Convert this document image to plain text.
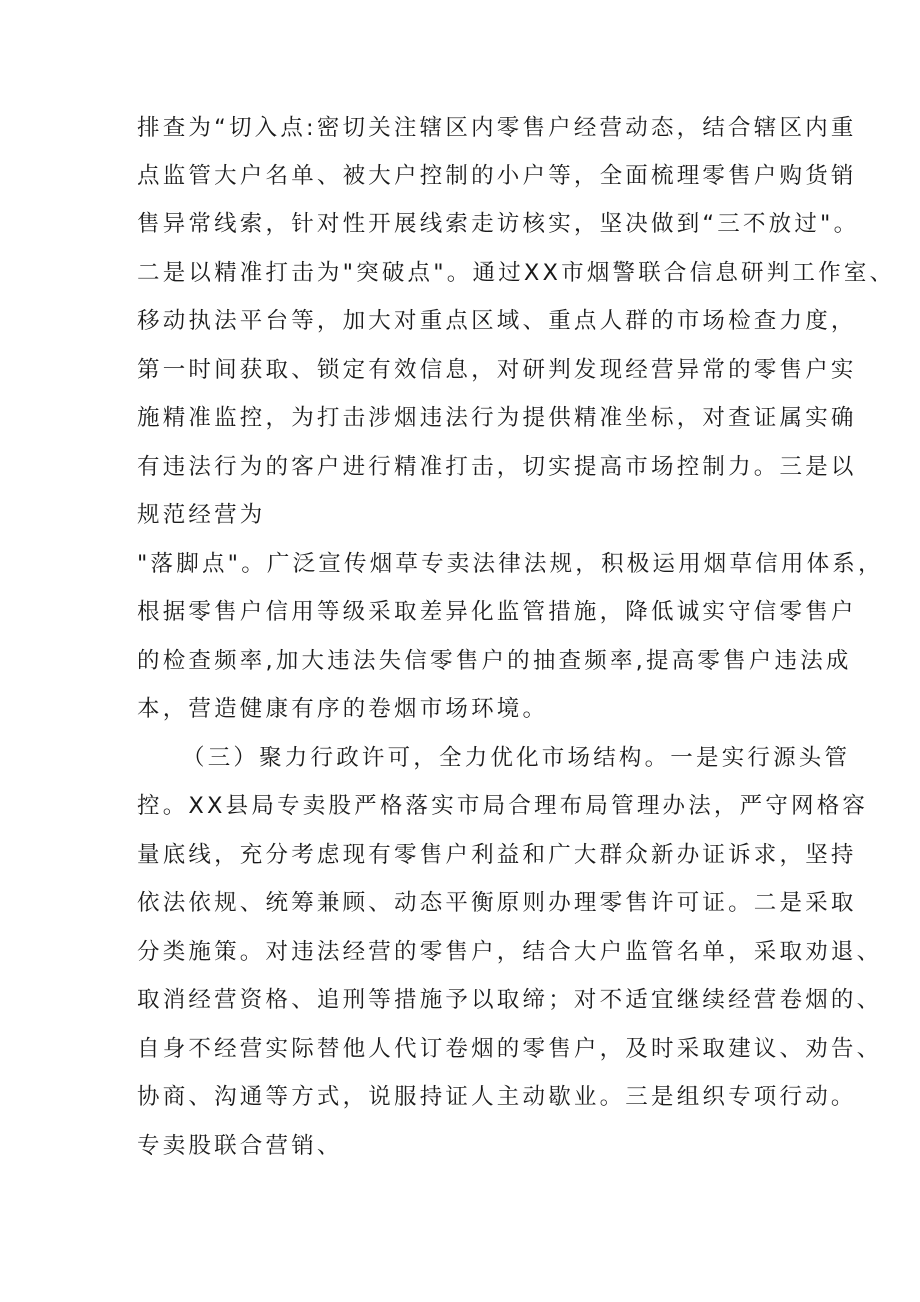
排查为“切入点:密切关注辖区内零售户经营动态，结合辖区内重
点监管大户名单、被大户控制的小户等，全面梳理零售户购货销
售异常线索，针对性开展线索走访核实，坚决做到“三不放过"。
二是以精准打击为"突破点"。通过XX市烟警联合信息研判工作室、
移动执法平台等，加大对重点区域、重点人群的市场检查力度，
第一时间获取、锁定有效信息，对研判发现经营异常的零售户实
施精准监控，为打击涉烟违法行为提供精准坐标，对查证属实确
有违法行为的客户进行精准打击，切实提高市场控制力。三是以
规范经营为
"落脚点"。广泛宣传烟草专卖法律法规，积极运用烟草信用体系，
根据零售户信用等级采取差异化监管措施，降低诚实守信零售户
的检查频率,加大违法失信零售户的抽查频率,提高零售户违法成
本，营造健康有序的卷烟市场环境。
（三）聚力行政许可，全力优化市场结构。一是实行源头管
控。XX县局专卖股严格落实市局合理布局管理办法，严守网格容
量底线，充分考虑现有零售户利益和广大群众新办证诉求，坚持
依法依规、统筹兼顾、动态平衡原则办理零售许可证。二是采取
分类施策。对违法经营的零售户，结合大户监管名单，采取劝退、
取消经营资格、追刑等措施予以取缔；对不适宜继续经营卷烟的、
自身不经营实际替他人代订卷烟的零售户，及时采取建议、劝告、
协商、沟通等方式，说服持证人主动歇业。三是组织专项行动。
专卖股联合营销、
